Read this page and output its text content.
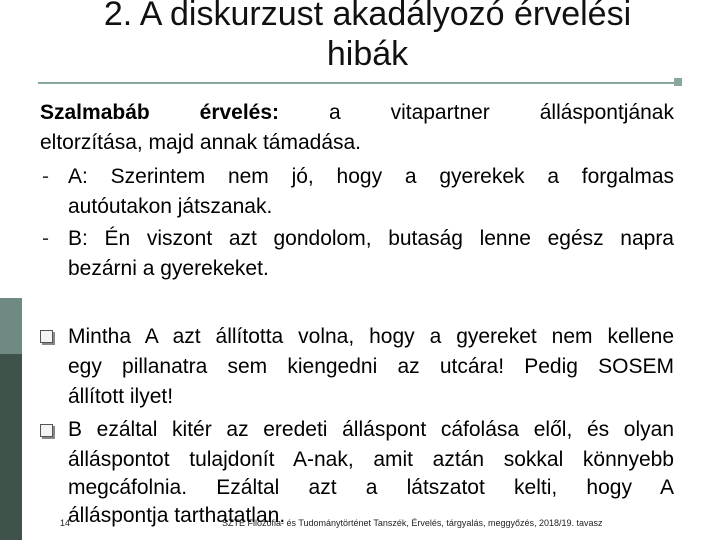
2. A diskurzust akadályozó érvelési
hibák
Szalmabáb érvelés: a vitapartner álláspontjának
eltorzítása, majd annak támadása.
- A: Szerintem nem jó, hogy a gyerekek a forgalmas
autóutakon játszanak.
- B: Én viszont azt gondolom, butaság lenne egész napra
bezárni a gyerekeket.
Mintha A azt állította volna, hogy a gyereket nem kellene
egy pillanatra sem kiengedni az utcára! Pedig SOSEM
állított ilyet!
B ezáltal kitér az eredeti álláspont cáfolása elől, és olyan
álláspontot tulajdonít A-nak, amit aztán sokkal könnyebb
megcáfolnia. Ezáltal azt a látszatot kelti, hogy A
14	SZTE Filozófia- és Tudománytörténet Tanszék, Érvelés, tárgyalás, meggyőzés, 2018/19. tavasz
álláspontja tarthatatlan.
